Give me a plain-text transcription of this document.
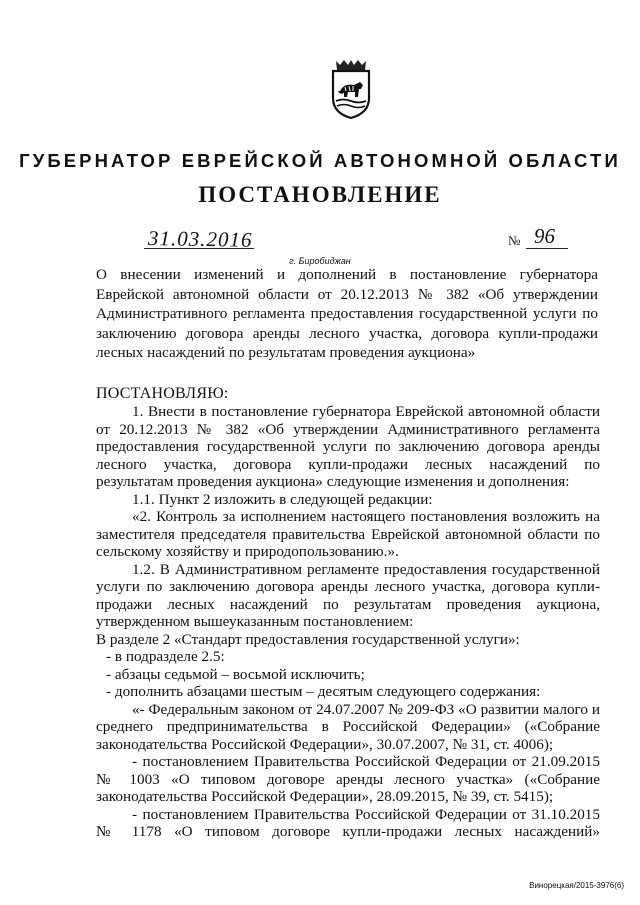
ГУБЕРНАТОР ЕВРЕЙСКОЙ АВТОНОМНОЙ ОБЛАСТИ
ПОСТАНОВЛЕНИЕ
31.03.2016	№ 96
г. Биробиджан
О внесении изменений и дополнений в постановление губернатора Еврейской автономной области от 20.12.2013 № 382 «Об утверждении Административного регламента предоставления государственной услуги по заключению договора аренды лесного участка, договора купли-продажи лесных насаждений по результатам проведения аукциона»
ПОСТАНОВЛЯЮ:

1. Внести в постановление губернатора Еврейской автономной области от 20.12.2013 № 382 «Об утверждении Административного регламента предоставления государственной услуги по заключению договора аренды лесного участка, договора купли-продажи лесных насаждений по результатам проведения аукциона» следующие изменения и дополнения:

1.1. Пункт 2 изложить в следующей редакции:

«2. Контроль за исполнением настоящего постановления возложить на заместителя председателя правительства Еврейской автономной области по сельскому хозяйству и природопользованию.».

1.2. В Административном регламенте предоставления государственной услуги по заключению договора аренды лесного участка, договора купли-продажи лесных насаждений по результатам проведения аукциона, утвержденном вышеуказанным постановлением:

В разделе 2 «Стандарт предоставления государственной услуги»:

- в подразделе 2.5:

- абзацы седьмой – восьмой исключить;

- дополнить абзацами шестым – десятым следующего содержания:

«- Федеральным законом от 24.07.2007 № 209-ФЗ «О развитии малого и среднего предпринимательства в Российской Федерации» («Собрание законодательства Российской Федерации», 30.07.2007, № 31, ст. 4006);

- постановлением Правительства Российской Федерации от 21.09.2015 № 1003 «О типовом договоре аренды лесного участка» («Собрание законодательства Российской Федерации», 28.09.2015, № 39, ст. 5415);

- постановлением Правительства Российской Федерации от 31.10.2015 № 1178 «О типовом договоре купли-продажи лесных насаждений»

Винорецкая/2015-3976(6)
